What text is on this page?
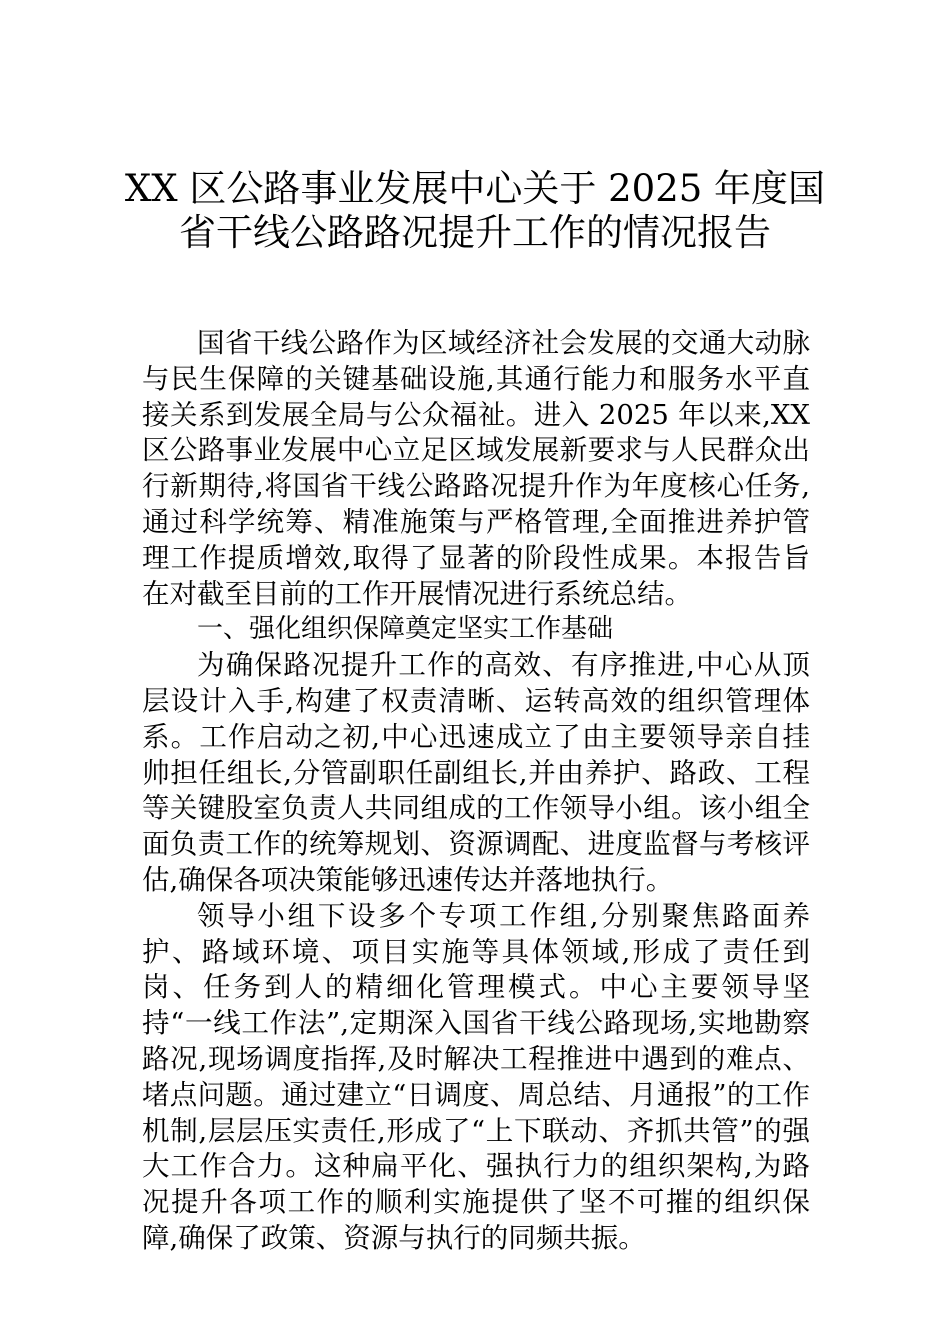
XX 区公路事业发展中心关于 2025 年度国
省干线公路路况提升工作的情况报告

国省干线公路作为区域经济社会发展的交通大动脉与民生保障的关键基础设施,其通行能力和服务水平直接关系到发展全局与公众福祉。进入 2025 年以来,XX 区公路事业发展中心立足区域发展新要求与人民群众出行新期待,将国省干线公路路况提升作为年度核心任务,通过科学统筹、精准施策与严格管理,全面推进养护管理工作提质增效,取得了显著的阶段性成果。本报告旨在对截至目前的工作开展情况进行系统总结。

一、强化组织保障奠定坚实工作基础

为确保路况提升工作的高效、有序推进,中心从顶层设计入手,构建了权责清晰、运转高效的组织管理体系。工作启动之初,中心迅速成立了由主要领导亲自挂帅担任组长,分管副职任副组长,并由养护、路政、工程等关键股室负责人共同组成的工作领导小组。该小组全面负责工作的统筹规划、资源调配、进度监督与考核评估,确保各项决策能够迅速传达并落地执行。

领导小组下设多个专项工作组,分别聚焦路面养护、路域环境、项目实施等具体领域,形成了责任到岗、任务到人的精细化管理模式。中心主要领导坚持“一线工作法”,定期深入国省干线公路现场,实地勘察路况,现场调度指挥,及时解决工程推进中遇到的难点、堵点问题。通过建立“日调度、周总结、月通报”的工作机制,层层压实责任,形成了“上下联动、齐抓共管”的强大工作合力。这种扁平化、强执行力的组织架构,为路况提升各项工作的顺利实施提供了坚不可摧的组织保障,确保了政策、资源与执行的同频共振。
